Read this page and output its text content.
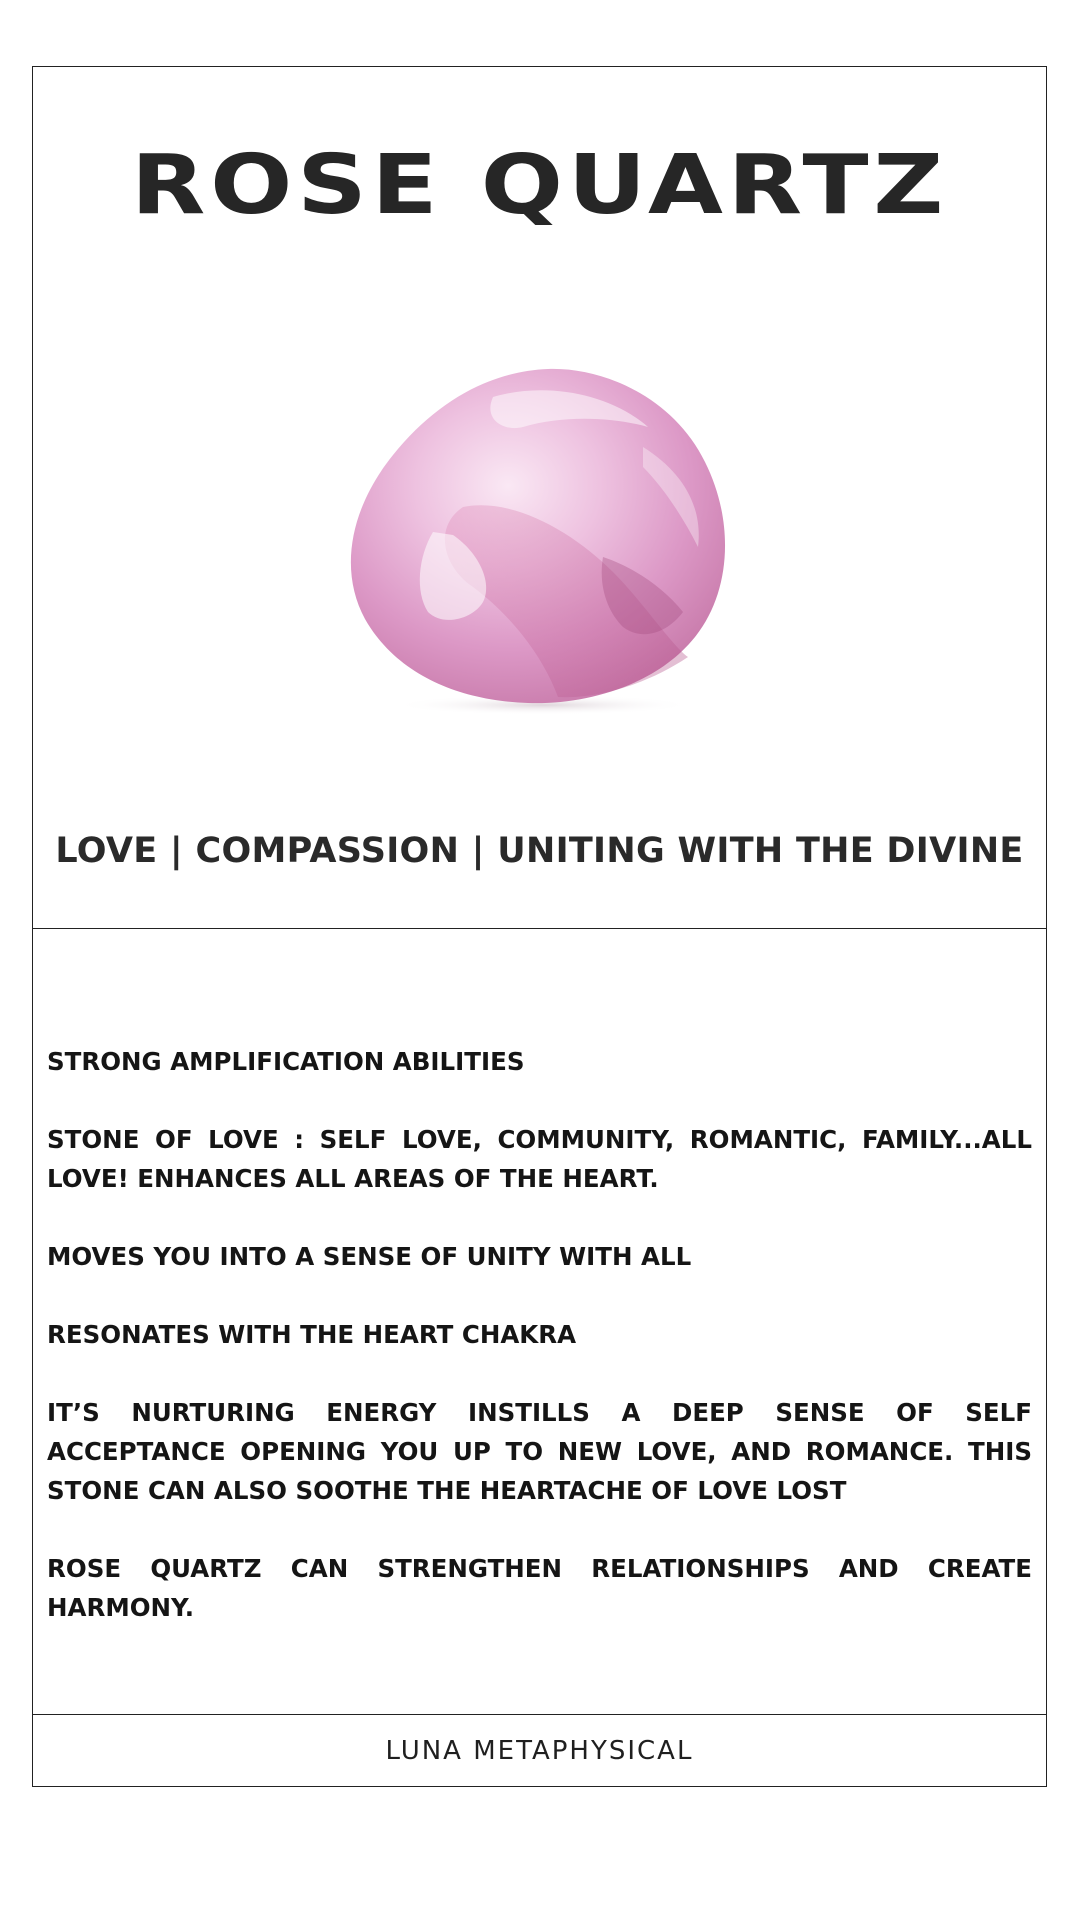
ROSE QUARTZ
LOVE | COMPASSION | UNITING WITH THE DIVINE

STRONG AMPLIFICATION ABILITIES

STONE OF LOVE : SELF LOVE, COMMUNITY, ROMANTIC, FAMILY...ALL LOVE! ENHANCES ALL AREAS OF THE HEART.

MOVES YOU INTO A SENSE OF UNITY WITH ALL

RESONATES WITH THE HEART CHAKRA

IT’S NURTURING ENERGY INSTILLS A DEEP SENSE OF SELF ACCEPTANCE OPENING YOU UP TO NEW LOVE, AND ROMANCE. THIS STONE CAN ALSO SOOTHE THE HEARTACHE OF LOVE LOST

ROSE QUARTZ CAN STRENGTHEN RELATIONSHIPS AND CREATE HARMONY.

LUNA METAPHYSICAL
